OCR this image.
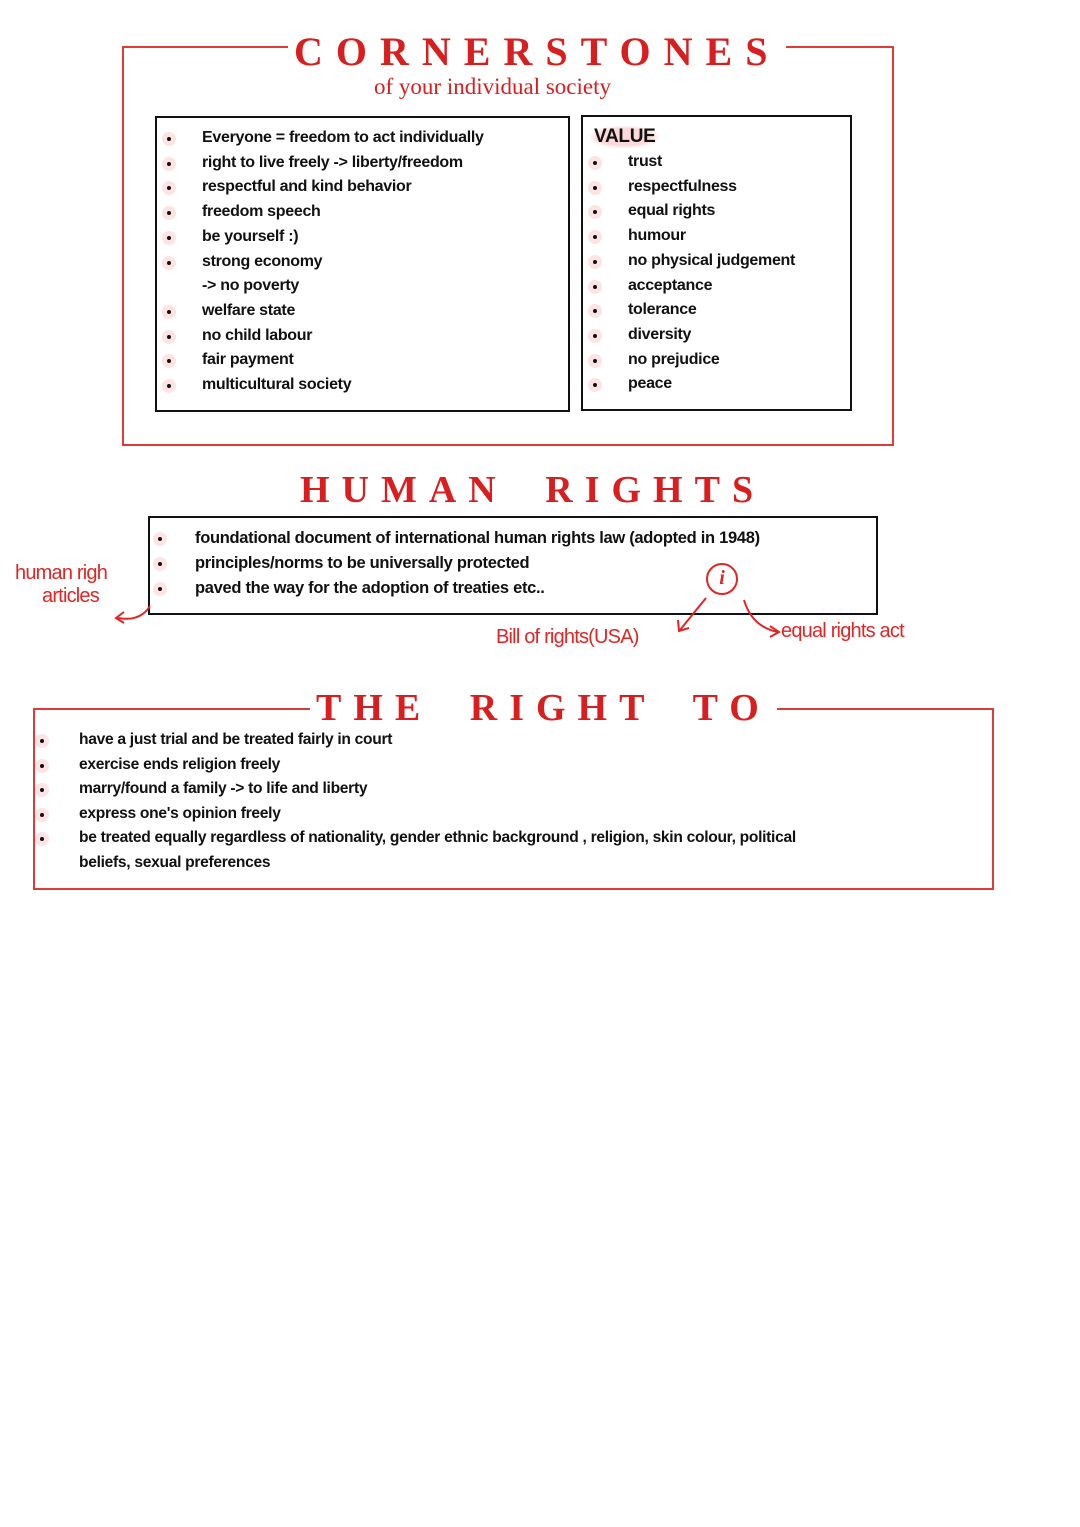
CORNERSTONES
of your individual society
Everyone = freedom to act individually
right to live freely -> liberty/freedom
respectful and kind behavior
freedom speech
be yourself :)
strong economy
-> no poverty
welfare state
no child labour
fair payment
multicultural society
VALUE
trust
respectfulness
equal rights
humour
no physical judgement
acceptance
tolerance
diversity
no prejudice
peace
HUMAN RIGHTS
foundational document of international human rights law (adopted in 1948)
principles/norms to be universally protected
paved the way for the adoption of treaties etc..
human righ
articles
i
Bill of rights(USA)	equal rights act
THE RIGHT TO
have a just trial and be treated fairly in court
exercise ends religion freely
marry/found a family -> to life and liberty
express one's opinion freely
be treated equally regardless of nationality, gender ethnic background , religion, skin colour, political
beliefs, sexual preferences
